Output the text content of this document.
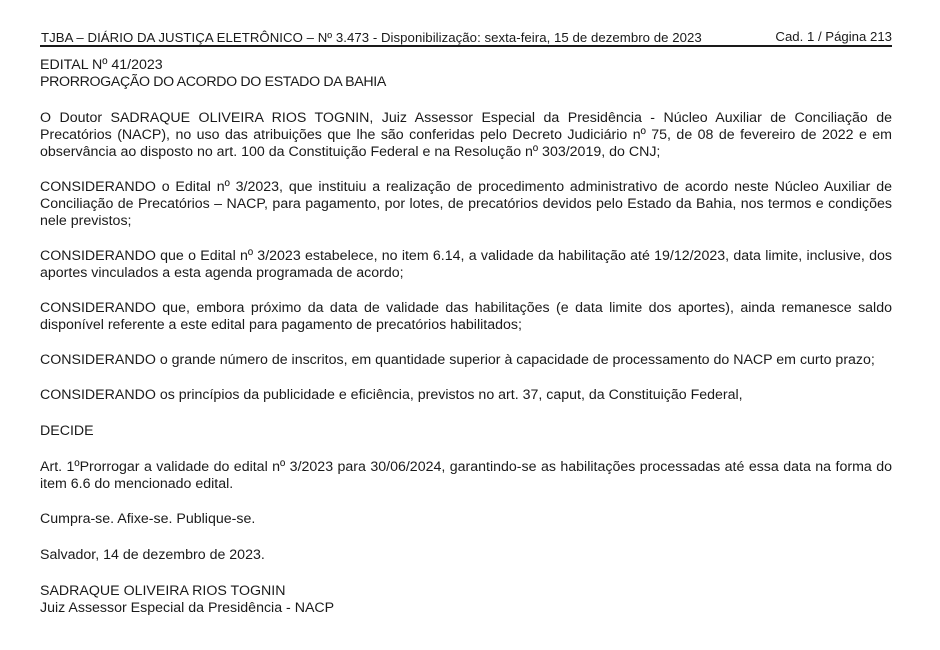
TJBA – DIÁRIO DA JUSTIÇA ELETRÔNICO – Nº 3.473 - Disponibilização: sexta-feira, 15 de dezembro de 2023	Cad. 1 / Página 213
EDITAL Nº 41/2023
PRORROGAÇÃO DO ACORDO DO ESTADO DA BAHIA

O Doutor SADRAQUE OLIVEIRA RIOS TOGNIN, Juiz Assessor Especial da Presidência - Núcleo Auxiliar de Conciliação de Precatórios (NACP), no uso das atribuições que lhe são conferidas pelo Decreto Judiciário nº 75, de 08 de fevereiro de 2022 e em observância ao disposto no art. 100 da Constituição Federal e na Resolução nº 303/2019, do CNJ;

CONSIDERANDO o Edital nº 3/2023, que instituiu a realização de procedimento administrativo de acordo neste Núcleo Auxiliar de Conciliação de Precatórios – NACP, para pagamento, por lotes, de precatórios devidos pelo Estado da Bahia, nos termos e condições nele previstos;

CONSIDERANDO que o Edital nº 3/2023 estabelece, no item 6.14, a validade da habilitação até 19/12/2023, data limite, inclusive, dos aportes vinculados a esta agenda programada de acordo;

CONSIDERANDO que, embora próximo da data de validade das habilitações (e data limite dos aportes), ainda remanesce saldo disponível referente a este edital para pagamento de precatórios habilitados;

CONSIDERANDO o grande número de inscritos, em quantidade superior à capacidade de processamento do NACP em curto prazo;

CONSIDERANDO os princípios da publicidade e eficiência, previstos no art. 37, caput, da Constituição Federal,

DECIDE

Art. 1ºProrrogar a validade do edital nº 3/2023 para 30/06/2024, garantindo-se as habilitações processadas até essa data na forma do item 6.6 do mencionado edital.

Cumpra-se. Afixe-se. Publique-se.

Salvador, 14 de dezembro de 2023.

SADRAQUE OLIVEIRA RIOS TOGNIN
Juiz Assessor Especial da Presidência - NACP
